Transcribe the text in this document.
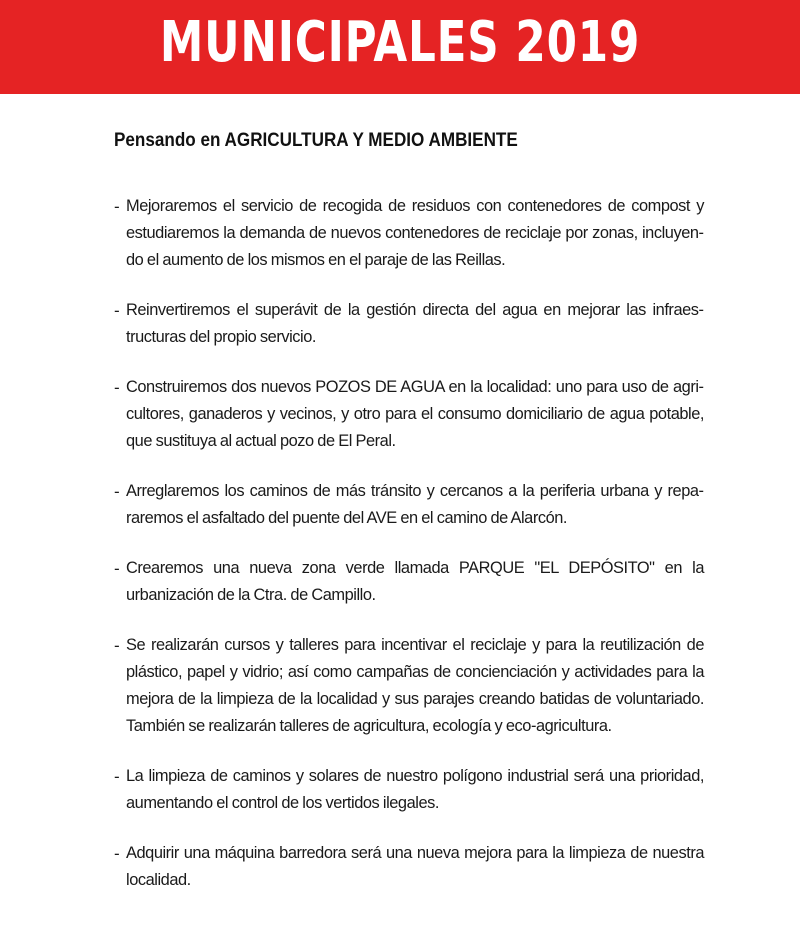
MUNICIPALES 2019
Pensando en AGRICULTURA Y MEDIO AMBIENTE
- Mejoraremos el servicio de recogida de residuos con contenedores de compost y estudiaremos la demanda de nuevos contenedores de reciclaje por zonas, incluyendo el aumento de los mismos en el paraje de las Reillas.
- Reinvertiremos el superávit de la gestión directa del agua en mejorar las infraestructuras del propio servicio.
- Construiremos dos nuevos POZOS DE AGUA en la localidad: uno para uso de agricultores, ganaderos y vecinos, y otro para el consumo domiciliario de agua potable, que sustituya al actual pozo de El Peral.
- Arreglaremos los caminos de más tránsito y cercanos a la periferia urbana y repararemos el asfaltado del puente del AVE en el camino de Alarcón.
- Crearemos una nueva zona verde llamada PARQUE "EL DEPÓSITO" en la urbanización de la Ctra. de Campillo.
- Se realizarán cursos y talleres para incentivar el reciclaje y para la reutilización de plástico, papel y vidrio; así como campañas de concienciación y actividades para la mejora de la limpieza de la localidad y sus parajes creando batidas de voluntariado. También se realizarán talleres de agricultura, ecología y eco-agricultura.
- La limpieza de caminos y solares de nuestro polígono industrial será una prioridad, aumentando el control de los vertidos ilegales.
- Adquirir una máquina barredora será una nueva mejora para la limpieza de nuestra localidad.
